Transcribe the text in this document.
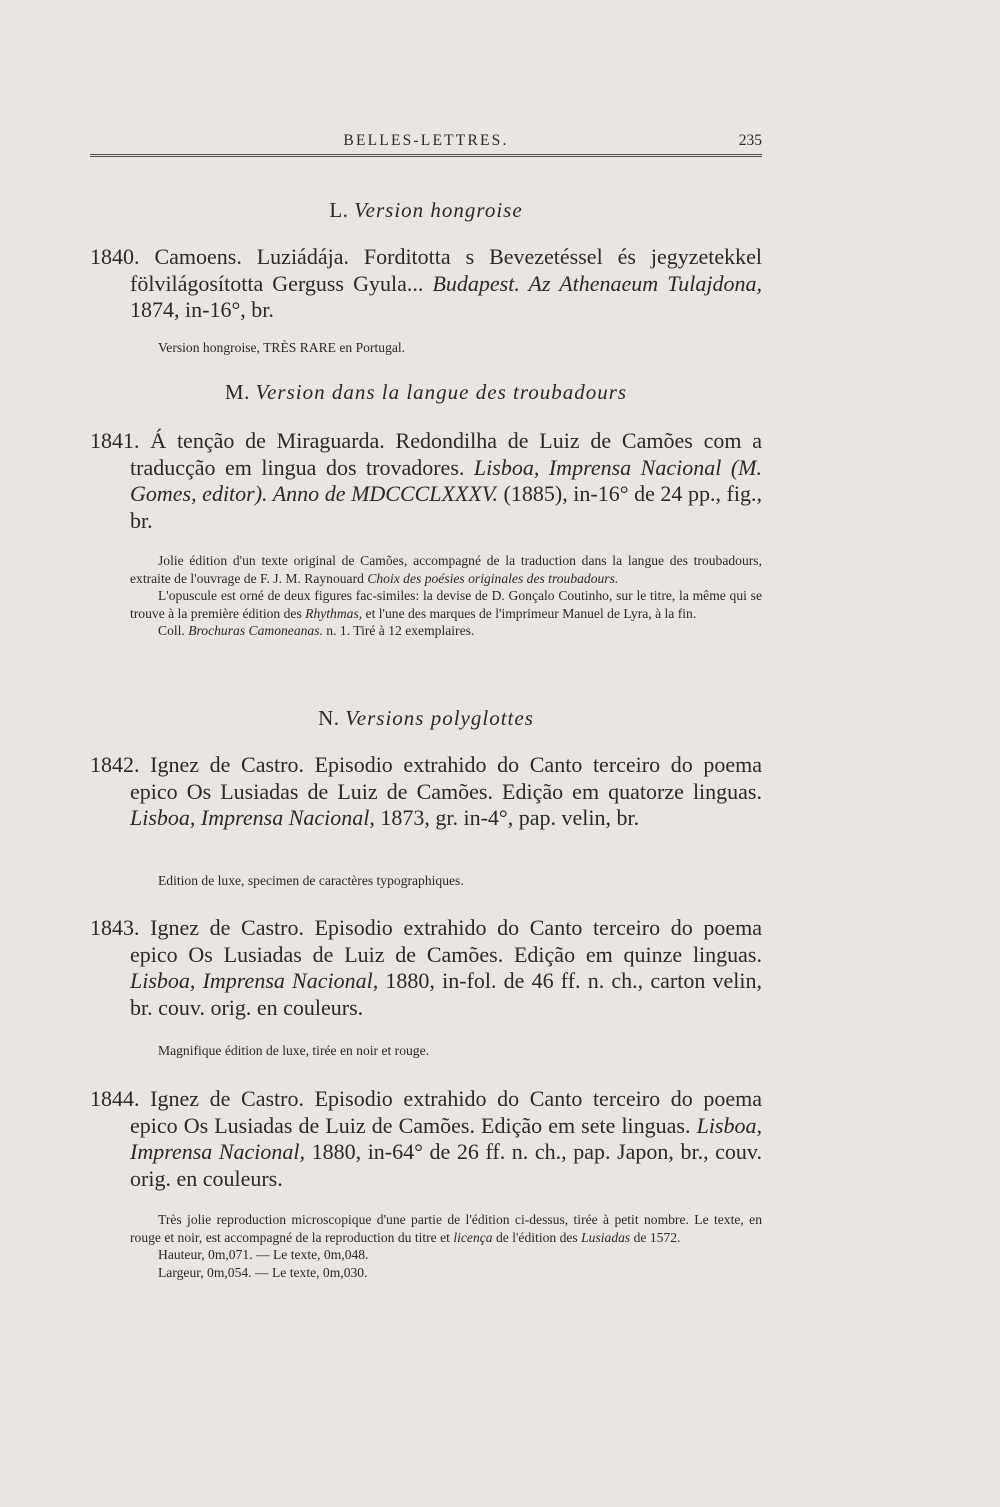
BELLES-LETTRES.	235
L. Version hongroise
1840. Camoens. Luziádája. Forditotta s Bevezetéssel és jegyzetekkel fölvilágosította Gerguss Gyula... Budapest. Az Athenaeum Tulajdona, 1874, in-16°, br.

Version hongroise, TRÈS RARE en Portugal.

M. Version dans la langue des troubadours
1841. Á tenção de Miraguarda. Redondilha de Luiz de Camões com a traducção em lingua dos trovadores. Lisboa, Imprensa Nacional (M. Gomes, editor). Anno de MDCCCLXXXV. (1885), in-16° de 24 pp., fig., br.

Jolie édition d'un texte original de Camões, accompagné de la traduction dans la langue des troubadours, extraite de l'ouvrage de F. J. M. Raynouard Choix des poésies originales des troubadours.

L'opuscule est orné de deux figures fac-similes: la devise de D. Gonçalo Coutinho, sur le titre, la même qui se trouve à la première édition des Rhythmas, et l'une des marques de l'imprimeur Manuel de Lyra, à la fin.

Coll. Brochuras Camoneanas. n. 1. Tiré à 12 exemplaires.

N. Versions polyglottes
1842. Ignez de Castro. Episodio extrahido do Canto terceiro do poema epico Os Lusiadas de Luiz de Camões. Edição em quatorze linguas. Lisboa, Imprensa Nacional, 1873, gr. in-4°, pap. velin, br.

Edition de luxe, specimen de caractères typographiques.

1843. Ignez de Castro. Episodio extrahido do Canto terceiro do poema epico Os Lusiadas de Luiz de Camões. Edição em quinze linguas. Lisboa, Imprensa Nacional, 1880, in-fol. de 46 ff. n. ch., carton velin, br. couv. orig. en couleurs.

Magnifique édition de luxe, tirée en noir et rouge.

1844. Ignez de Castro. Episodio extrahido do Canto terceiro do poema epico Os Lusiadas de Luiz de Camões. Edição em sete linguas. Lisboa, Imprensa Nacional, 1880, in-64° de 26 ff. n. ch., pap. Japon, br., couv. orig. en couleurs.

Très jolie reproduction microscopique d'une partie de l'édition ci-dessus, tirée à petit nombre. Le texte, en rouge et noir, est accompagné de la reproduction du titre et licença de l'édition des Lusiadas de 1572.

Hauteur, 0m,071. — Le texte, 0m,048.

Largeur, 0m,054. — Le texte, 0m,030.
